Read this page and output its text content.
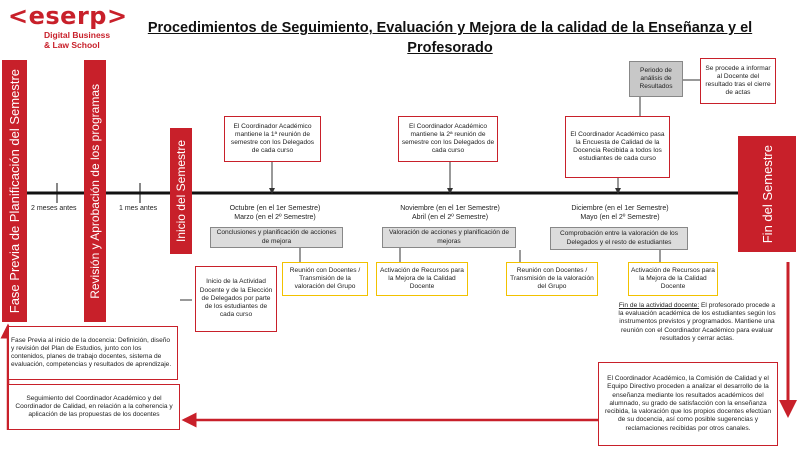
<eserp>
Digital Business
& Law School
Procedimientos de Seguimiento, Evaluación y Mejora de la calidad de la Enseñanza y el
Profesorado
Fase Previa de Planificación del Semestre	Revisión y Aprobación de los programas	Inicio del Semestre	Fin del Semestre
2 meses antes	1 mes antes
El Coordinador Académico mantiene la 1ª reunión de semestre con los Delegados de cada curso
El Coordinador Académico mantiene la 2ª reunión de semestre con los Delegados de cada curso
El Coordinador Académico pasa la Encuesta de Calidad de la Docencia Recibida a todos los estudiantes de cada curso
Periodo de análisis de Resultados
Se procede a informar al Docente del resultado tras el cierre de actas
Octubre (en el 1er Semestre)
Marzo (en el 2º Semestre)
Noviembre (en el 1er Semestre)
Abril (en el 2º Semestre)
Diciembre (en el 1er Semestre)
Mayo (en el 2º Semestre)
Conclusiones y planificación de acciones de mejora
Valoración de acciones y planificación de mejoras
Comprobación entre la valoración de los Delegados y el resto de estudiantes
Inicio de la Actividad Docente y de la Elección de Delegados por parte de los estudiantes de cada curso
Reunión con Docentes / Transmisión de la valoración del Grupo
Activación de Recursos para la Mejora de la Calidad Docente
Reunión con Docentes / Transmisión de la valoración del Grupo
Activación de Recursos para la Mejora de la Calidad Docente
Fin de la actividad docente: El profesorado procede a la evaluación académica de los estudiantes según los instrumentos previstos y programados. Mantiene una reunión con el Coordinador Académico para evaluar resultados y cerrar actas.
El Coordinador Académico, la Comisión de Calidad y el Equipo Directivo proceden a analizar el desarrollo de la enseñanza mediante los resultados académicos del alumnado, su grado de satisfacción con la enseñanza recibida, la valoración que los propios docentes efectúan de su docencia, así como posible sugerencias y reclamaciones recibidas por otros canales.
Fase Previa al inicio de la docencia: Definición, diseño y revisión del Plan de Estudios, junto con los contenidos, planes de trabajo docentes, sistema de evaluación, competencias y resultados de aprendizaje.
Seguimiento del Coordinador Académico y del Coordinador de Calidad, en relación a la coherencia y aplicación de las propuestas de los docentes
